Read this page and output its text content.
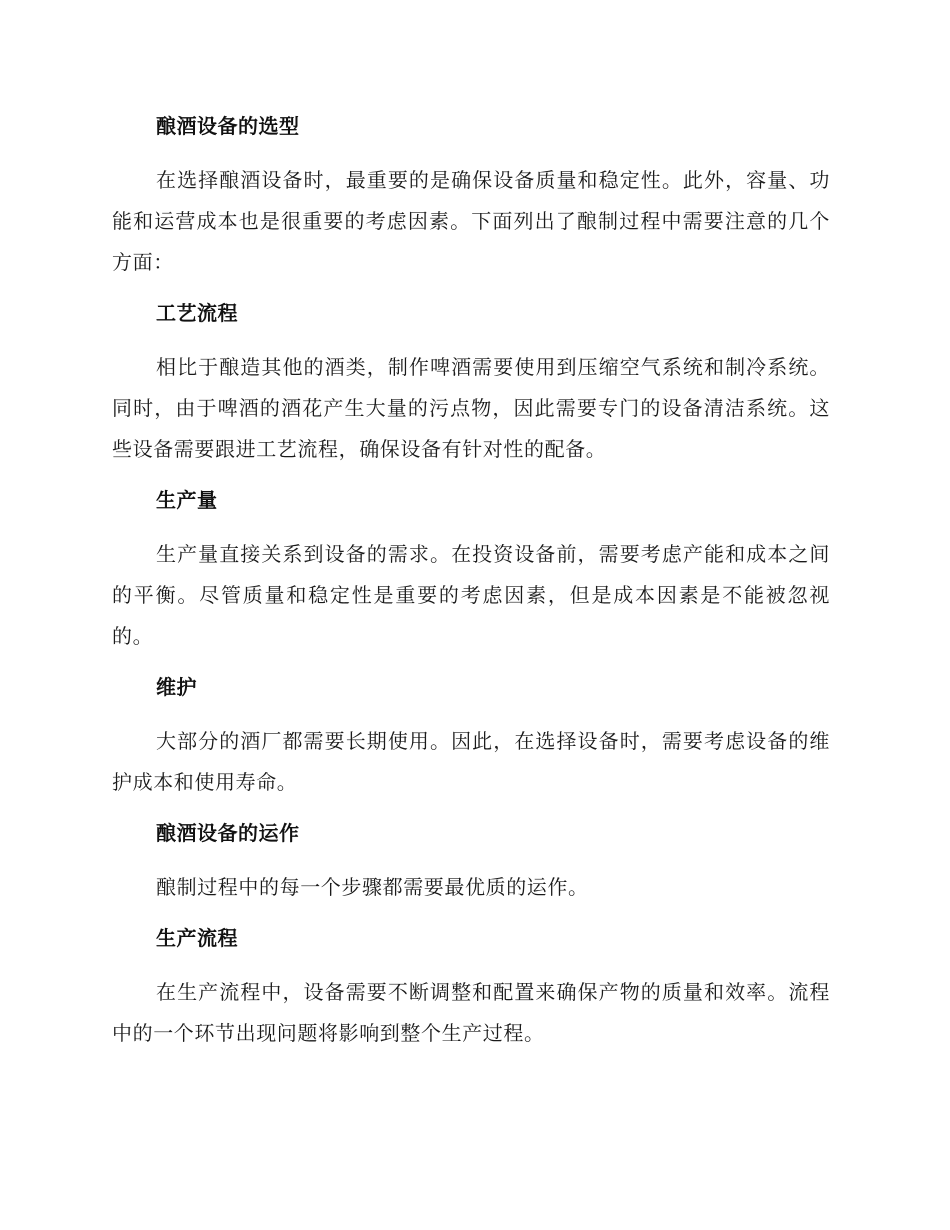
酿酒设备的选型

在选择酿酒设备时，最重要的是确保设备质量和稳定性。此外，容量、功能和运营成本也是很重要的考虑因素。下面列出了酿制过程中需要注意的几个方面：

工艺流程

相比于酿造其他的酒类，制作啤酒需要使用到压缩空气系统和制冷系统。同时，由于啤酒的酒花产生大量的污点物，因此需要专门的设备清洁系统。这些设备需要跟进工艺流程，确保设备有针对性的配备。

生产量

生产量直接关系到设备的需求。在投资设备前，需要考虑产能和成本之间的平衡。尽管质量和稳定性是重要的考虑因素，但是成本因素是不能被忽视的。

维护

大部分的酒厂都需要长期使用。因此，在选择设备时，需要考虑设备的维护成本和使用寿命。

酿酒设备的运作

酿制过程中的每一个步骤都需要最优质的运作。

生产流程

在生产流程中，设备需要不断调整和配置来确保产物的质量和效率。流程中的一个环节出现问题将影响到整个生产过程。
